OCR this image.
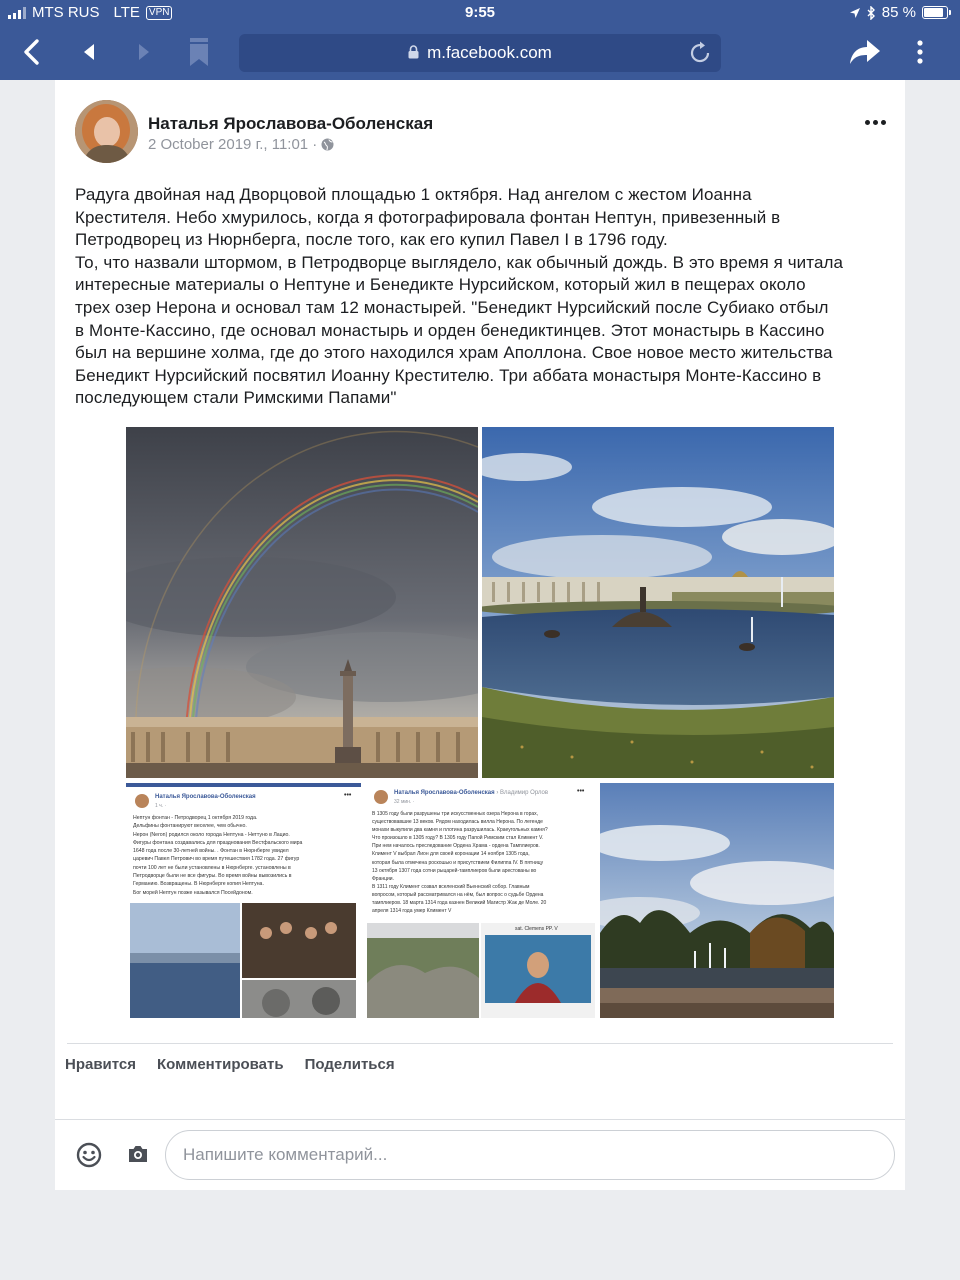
MTS RUS LTE VPN	9:55	85 %
m.facebook.com
Наталья Ярославова-Оболенская
2 October 2019 г., 11:01 ·

Радуга двойная над Дворцовой площадью 1 октября. Над ангелом с жестом Иоанна

Крестителя. Небо хмурилось, когда я фотографировала фонтан Нептун, привезенный в

Петродворец из Нюрнберга, после того, как его купил Павел I в 1796 году.

То, что назвали штормом, в Петродворце выглядело, как обычный дождь. В это время я читала

интересные материалы о Нептуне и Бенедикте Нурсийском, который жил в пещерах около

трех озер Нерона и основал там 12 монастырей. "Бенедикт Нурсийский после Субиако отбыл

в Монте-Кассино, где основал монастырь и орден бенедиктинцев. Этот монастырь в Кассино

был на вершине холма, где до этого находился храм Аполлона. Свое новое место жительства

Бенедикт Нурсийский посвятил Иоанну Крестителю. Три аббата монастыря Монте-Кассино в

последующем стали Римскими Папами"

Наталья Ярославова-Оболенская
1 ч. ·
•••
Нептун фонтан - Петродворец 1 октября 2019 года.
Дельфины фонтанируют веселее, чем обычно.
Нерон (Neron) родился около города Нептуна - Неттуно в Лацио.
Фигуры фонтана создавались для празднования Вестфальского мира
1648 года после 30-летней войны. . Фонтан в Нюрнберге увидел
царевич Павел Петрович во время путешествия 1782 года. 27 фигур
почти 100 лет не были установлены в Нюрнберге. установлены в
Петродворце были не все фигуры. Во время войны вывозились в
Германию. Возвращены. В Нюрнберге копия Нептуна.
Бог морей Нептун позже назывался Посейдоном.
Наталья Ярославова-Оболенская › Владимир Орлов
32 мин. ·
•••
В 1305 году были разрушены три искусственных озера Нерона в горах,
существовавшие 13 веков. Рядом находилась вилла Нерона. По легенде
монахи выкупили два камня и плотина разрушилась. Краеугольных камня?
Что произошло в 1305 году? В 1305 году Папой Римским стал Климент V.
При нем началось преследование Ордена Храма - ордена Тамплиеров.
Климент V выбрал Лион для своей коронации 14 ноября 1305 года,
которая была отмечена роскошью и присутствием Филиппа IV. В пятницу
13 октября 1307 года сотни рыцарей-тамплиеров были арестованы во
Франции.
В 1311 году Климент созвал вселенский Вьеннский собор. Главным
вопросом, который рассматривался на нём, был вопрос о судьбе Ордена
тамплиеров. 18 марта 1314 года казнен Великий Магистр Жак де Моле. 20
апреля 1314 года умер Климент V
sat. Clemens PP. V
Нравится Комментировать Поделиться
Напишите комментарий...
